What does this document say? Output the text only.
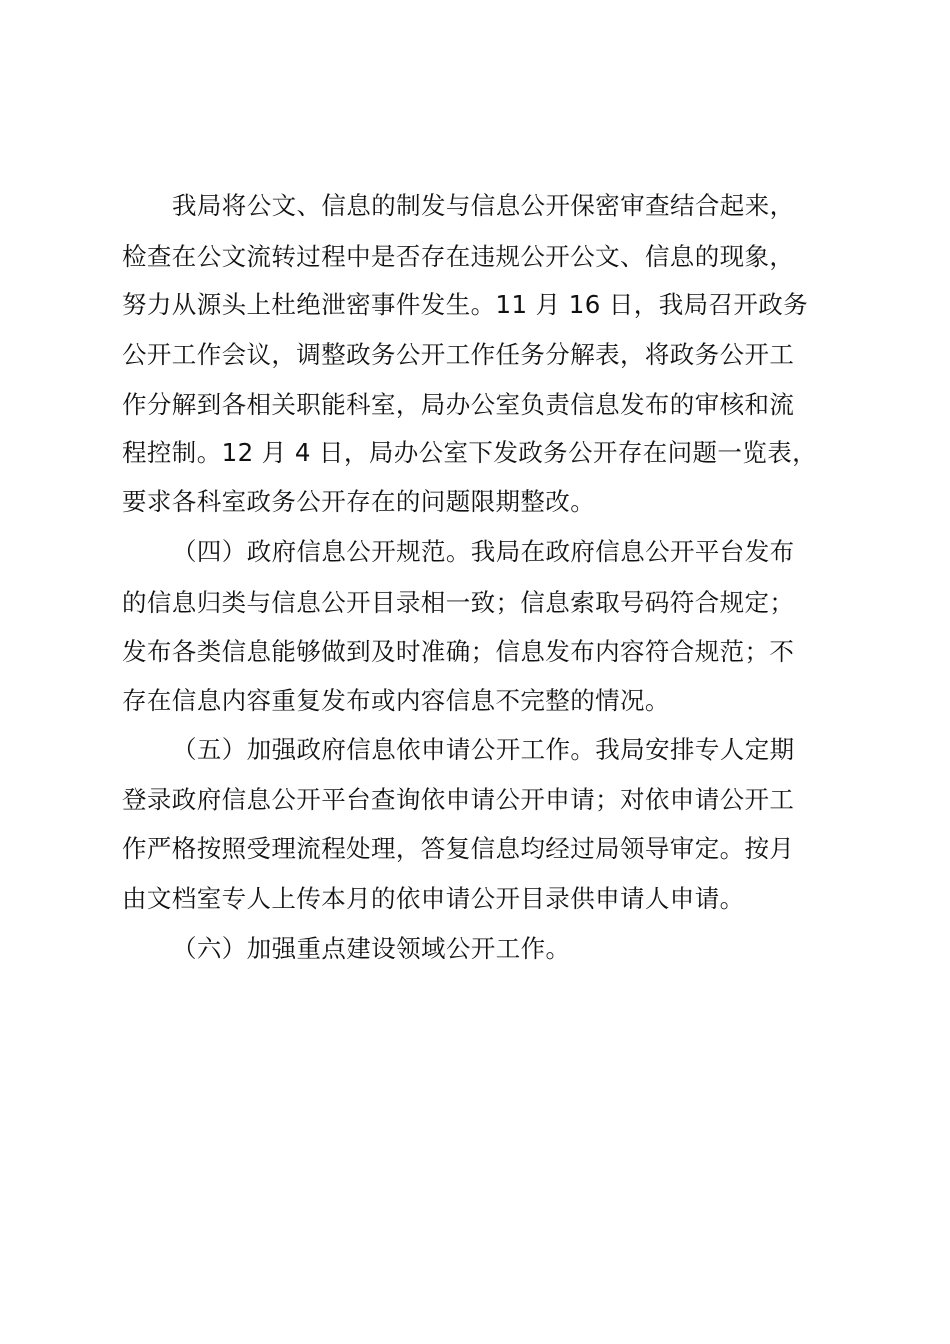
我局将公文、信息的制发与信息公开保密审查结合起来，
检查在公文流转过程中是否存在违规公开公文、信息的现象，
努力从源头上杜绝泄密事件发生。11 月 16 日，我局召开政务
公开工作会议，调整政务公开工作任务分解表，将政务公开工
作分解到各相关职能科室，局办公室负责信息发布的审核和流
程控制。12 月 4 日，局办公室下发政务公开存在问题一览表，
要求各科室政务公开存在的问题限期整改。
（四）政府信息公开规范。我局在政府信息公开平台发布
的信息归类与信息公开目录相一致；信息索取号码符合规定；
发布各类信息能够做到及时准确；信息发布内容符合规范；不
存在信息内容重复发布或内容信息不完整的情况。
（五）加强政府信息依申请公开工作。我局安排专人定期
登录政府信息公开平台查询依申请公开申请；对依申请公开工
作严格按照受理流程处理，答复信息均经过局领导审定。按月
由文档室专人上传本月的依申请公开目录供申请人申请。
（六）加强重点建设领域公开工作。
